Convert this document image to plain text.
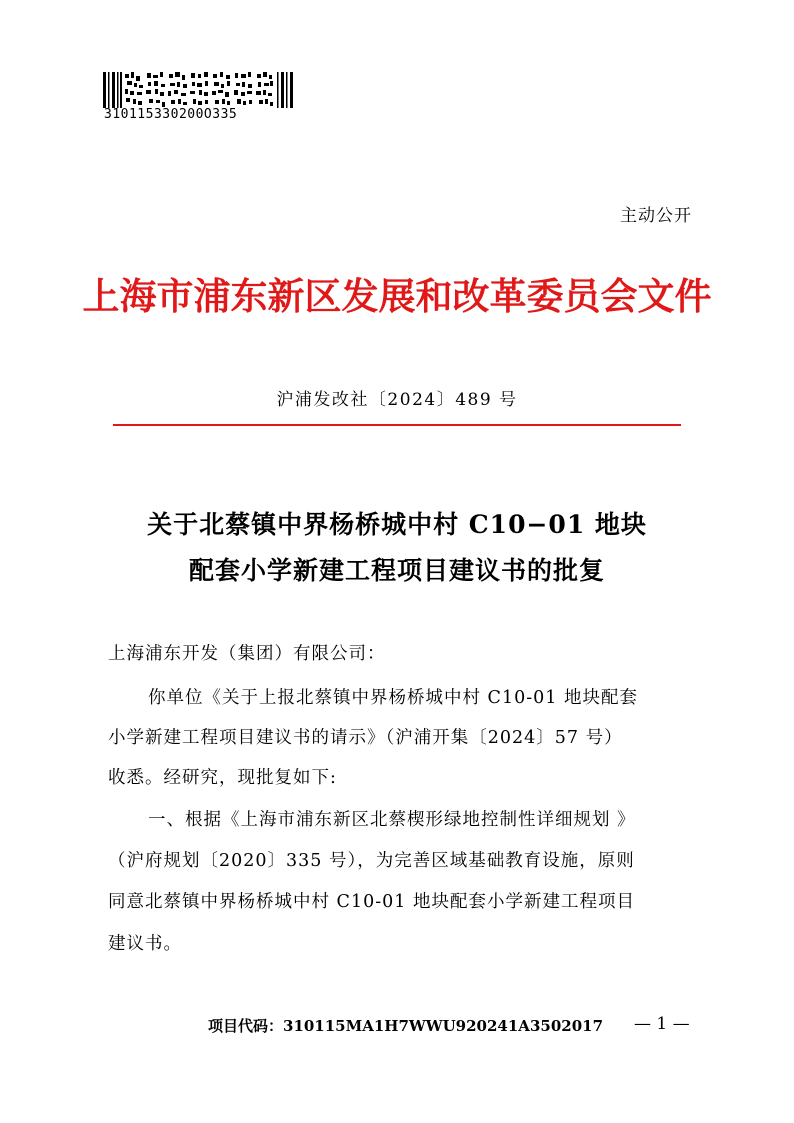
310115330200O335
主动公开
上海市浦东新区发展和改革委员会文件
沪浦发改社〔2024〕489 号
关于北蔡镇中界杨桥城中村 C10−01 地块
配套小学新建工程项目建议书的批复
上海浦东开发（集团）有限公司：
你单位《关于上报北蔡镇中界杨桥城中村 C10-01 地块配套
小学新建工程项目建议书的请示》（沪浦开集〔2024〕57 号）
收悉。经研究，现批复如下:
一、根据《上海市浦东新区北蔡楔形绿地控制性详细规划 》
（沪府规划〔2020〕335 号），为完善区域基础教育设施，原则
同意北蔡镇中界杨桥城中村 C10-01 地块配套小学新建工程项目
建议书。
项目代码：310115MA1H7WWU920241A3502017 — 1 —
